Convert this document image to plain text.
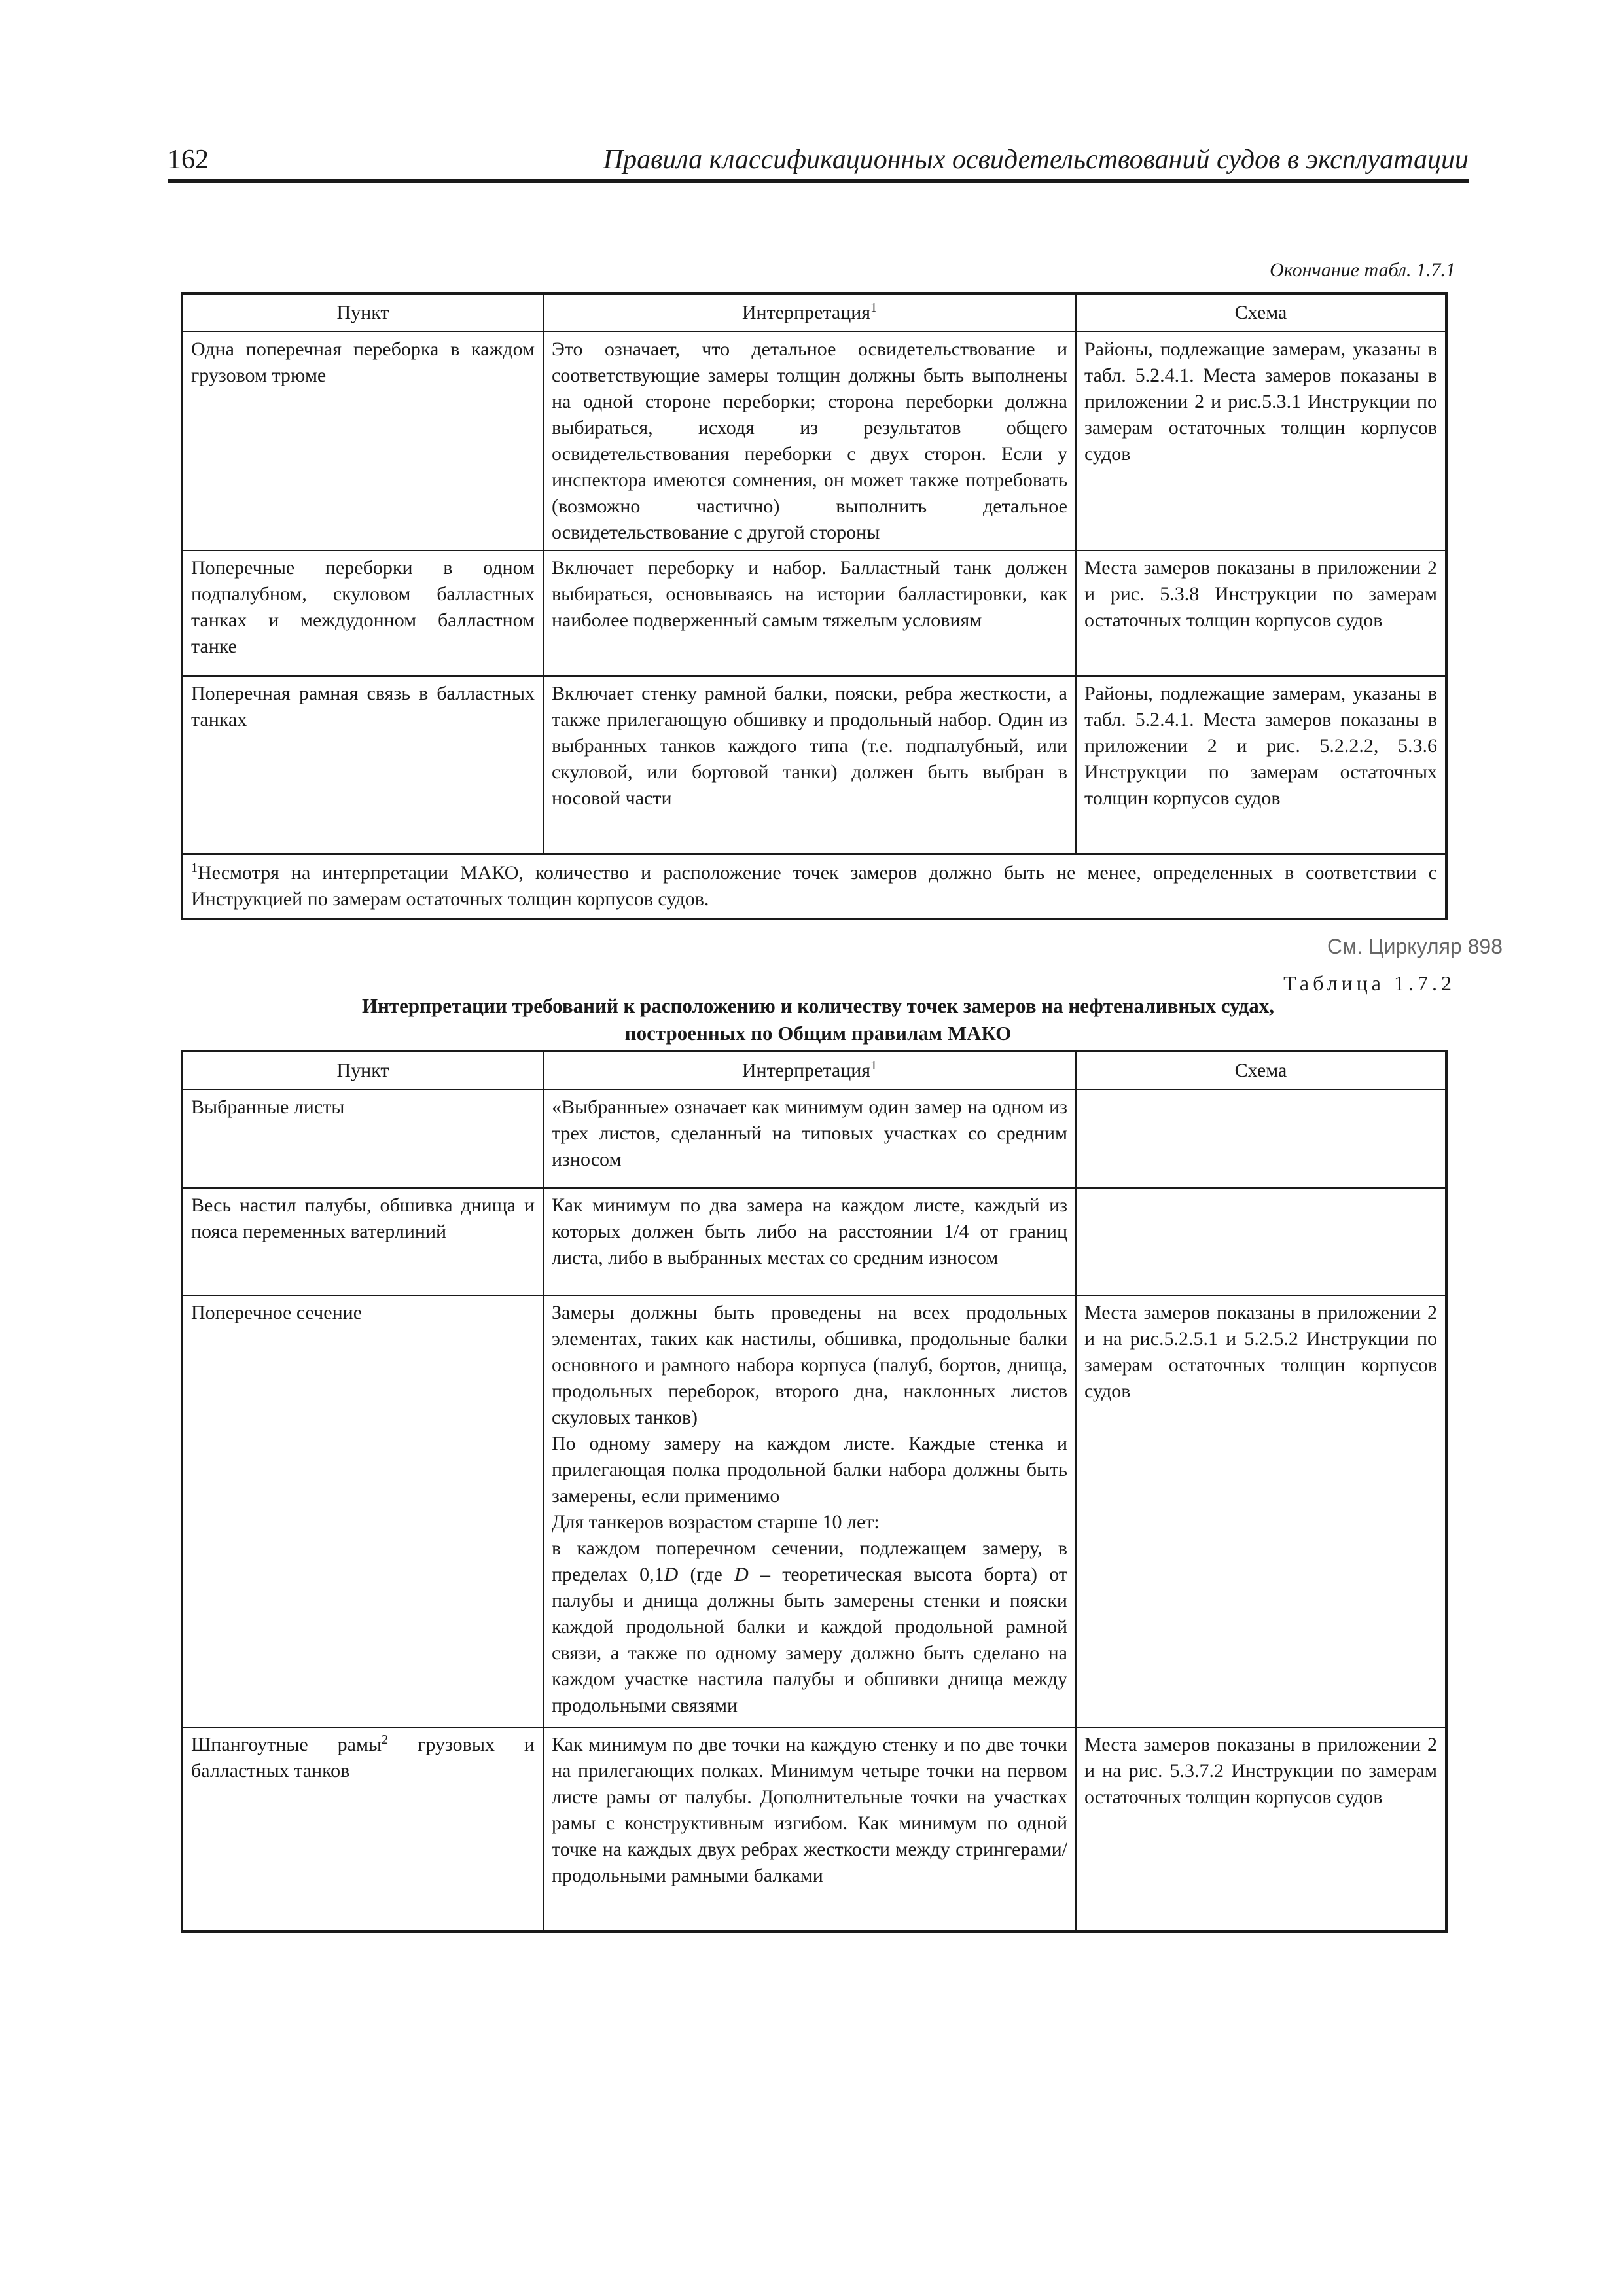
162	Правила классификационных освидетельствований судов в эксплуатации
Окончание табл. 1.7.1
Пункт	Интерпретация$^1$	Схема
Одна поперечная переборка в каждом грузовом трюме	Это означает, что детальное освидетельствование и соответствующие замеры толщин должны быть выполнены на одной стороне переборки; сторона переборки должна выбираться, исходя из результатов общего освидетельствования переборки с двух сторон. Если у инспектора имеются сомнения, он может также потребовать (возможно частично) выполнить детальное освидетельствование с другой стороны	Районы, подлежащие замерам, указаны в табл. 5.2.4.1. Места замеров показаны в приложении 2 и рис.5.3.1 Инструкции по замерам остаточных толщин корпусов судов
Поперечные переборки в одном подпалубном, скуловом балластных танках и междудонном балластном танке	Включает переборку и набор. Балластный танк должен выбираться, основываясь на истории балластировки, как наиболее подверженный самым тяжелым условиям	Места замеров показаны в приложении 2 и рис. 5.3.8 Инструкции по замерам остаточных толщин корпусов судов
Поперечная рамная связь в балластных танках	Включает стенку рамной балки, пояски, ребра жесткости, а также прилегающую обшивку и продольный набор. Один из выбранных танков каждого типа (т.е. подпалубный, или скуловой, или бортовой танки) должен быть выбран в носовой части	Районы, подлежащие замерам, указаны в табл. 5.2.4.1. Места замеров показаны в приложении 2 и рис. 5.2.2.2, 5.3.6 Инструкции по замерам остаточных толщин корпусов судов
$^1$Несмотря на интерпретации МАКО, количество и расположение точек замеров должно быть не менее, определенных в соответствии с Инструкцией по замерам остаточных толщин корпусов судов.		
См. Циркуляр 898
Таблица 1.7.2
Интерпретации требований к расположению и количеству точек замеров на нефтеналивных судах,
построенных по Общим правилам МАКО
Пункт	Интерпретация$^1$	Схема
Выбранные листы	«Выбранные» означает как минимум один замер на одном из трех листов, сделанный на типовых участках со средним износом	
Весь настил палубы, обшивка днища и пояса переменных ватерлиний	Как минимум по два замера на каждом листе, каждый из которых должен быть либо на расстоянии 1/4 от границ листа, либо в выбранных местах со средним износом	
Поперечное сечение	Замеры должны быть проведены на всех продольных элементах, таких как настилы, обшивка, продольные балки основного и рамного набора корпуса (палуб, бортов, днища, продольных переборок, второго дна, наклонных листов скуловых танков)
По одному замеру на каждом листе. Каждые стенка и прилегающая полка продольной балки набора должны быть замерены, если применимо
Для танкеров возрастом старше 10 лет:
в каждом поперечном сечении, подлежащем замеру, в пределах 0,1D (где D – теоретическая высота борта) от палубы и днища должны быть замерены стенки и пояски каждой продольной балки и каждой продольной рамной связи, а также по одному замеру должно быть сделано на каждом участке настила палубы и обшивки днища между продольными связями	Места замеров показаны в приложении 2 и на рис.5.2.5.1 и 5.2.5.2 Инструкции по замерам остаточных толщин корпусов судов
Шпангоутные рамы$^2$ грузовых и балластных танков	Как минимум по две точки на каждую стенку и по две точки на прилегающих полках. Минимум четыре точки на первом листе рамы от палубы. Дополнительные точки на участках рамы с конструктивным изгибом. Как минимум по одной точке на каждых двух ребрах жесткости между стрингерами/продольными рамными балками	Места замеров показаны в приложении 2 и на рис. 5.3.7.2 Инструкции по замерам остаточных толщин корпусов судов
